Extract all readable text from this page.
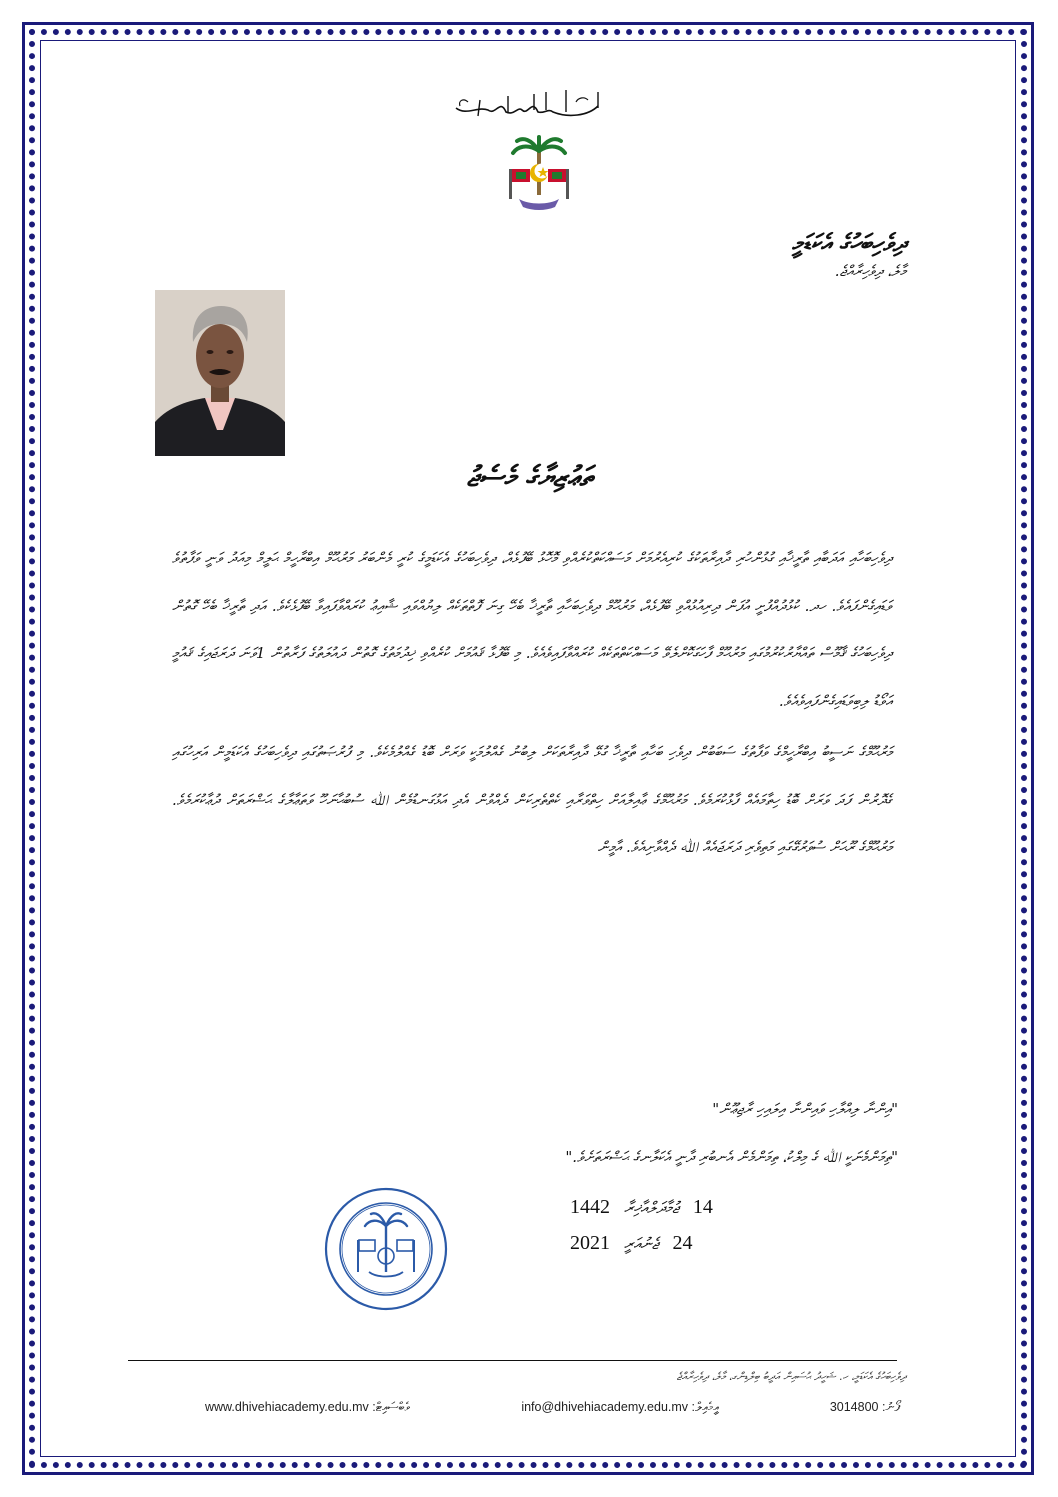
ދިވެހިބަހުގެ އެކަޑަމީ
މާލެ، ދިވެހިރާއްޖެ.
ތަޢުޒިޔާގެ މެސެޖު

ދިވެހިބަހާއި އަދަބާއި ތާރީޚާއި ގުޅުންހުރި ދާއިރާތަކުގެ ކުރިއެރުމަށް މަސައްކަތްކުރެއްވި މޮހޮޅު ބޭފުޅެއް، ދިވެހިބަހުގެ އެކަޑަމީގެ ކުރީ މެންބަރު މަރުޙޫމް އިބްރާހީމް ޙަލީމް މިއަދު ވަނީ ވަފާތުވެ ވަޑައިގެންފައެވެ. ހދ. ކުޅުދުއްފުށީ އުފަން ދިރިއުޅުއްވި ބޭފުޅެއް، މަރުޙޫމް ދިވެހިބަހާއި ތާރީޚާ ބެހޭ ގިނަ ފޮތްތަކެއް ލިޔުއްވައި ޝާއިޢު ކުރައްވާފައިވާ ބޭފުޅެކެވެ. އަދި ތާރީޚާ ބެހޭ ގޮތުން ދިވެހިބަހުގެ ޤާމޫސް ތައްޔާރުކުރުމުގައި މަރުޙޫމް ފާހަގަކޮށްލެވޭ މަސައްކަތްތަކެއް ކުރައްވާފައިވެއެވެ. މި ބޭފުޅާ ޤައުމަށް ކުރެއްވި ޚިދުމަތުގެ ގޮތުން ދައުލަތުގެ ފަރާތުން 1ވަނަ ދަރަޖައިގެ ޤައުމީ އަވޯޑު ލިބިވަޑައިގެންފައިވެއެވެ.

މަރުޙޫމްގެ ނަސީބު އިބްރާހީމްގެ ވަފާތުގެ ސަބަބުން ދިވެހި ބަހާއި ތާރީޚާ ގުޅޭ ދާއިރާތަކަށް ލިބުނު ގެއްލުމަކީ ވަރަށް ބޮޑު ގެއްލުމެކެވެ. މި ފުރުޞަތުގައި ދިވެހިބަހުގެ އެކަޑަމީން އަރިހުގައި ގެދޮރުން ފަދަ ވަރަށް ބޮޑު ހިތާމައެއް ފާޅުކުރަމެވެ. މަރުޙޫމްގެ ޢާއިލާއަށް ހިތްވަރާއި ކެތްތެރިކަން ދެއްވުން އެދި އަޅުގަނޑުމެން ﷲ ސުބުޙާނަހޫ ވަތަޢާލާގެ ޙަޟްރަތަށް ދުޢާކުރަމެވެ. މަރުޙޫމްގެ ރޫޙަށް ސުވަރުގޭގައި މަތިވެރި ދަރަޖައެއް ﷲ ދެއްވާށިއެވެ. އާމީން

"އިންނާ ލިއްލާހި ވައިންނާ އިލައިހި ރާޖިޢޫން"
"ތިމަންމެނަކީ ﷲ ގެ މިލްކު، ތިމަންމެން އެނބުރި ދާނީ އެކަލާނގެ ޙަޟްރަތަށެވެ."
1442 ޖުމާދަލްއާޚިރާ 14
2021 ޖެނުއަރީ 24
ދިވެހިބަހުގެ އެކަޑަމީ، ހ. ޝަހީދު ޙުސައިން އަދީބު ބިލްޑިންގ، މާލެ، ދިވެހިރާއްޖެ
www.dhivehiacademy.edu.mv :ވެބްސައިޓް	info@dhivehiacademy.edu.mv :އީމެއިލް	3014800 :ފޯނު
